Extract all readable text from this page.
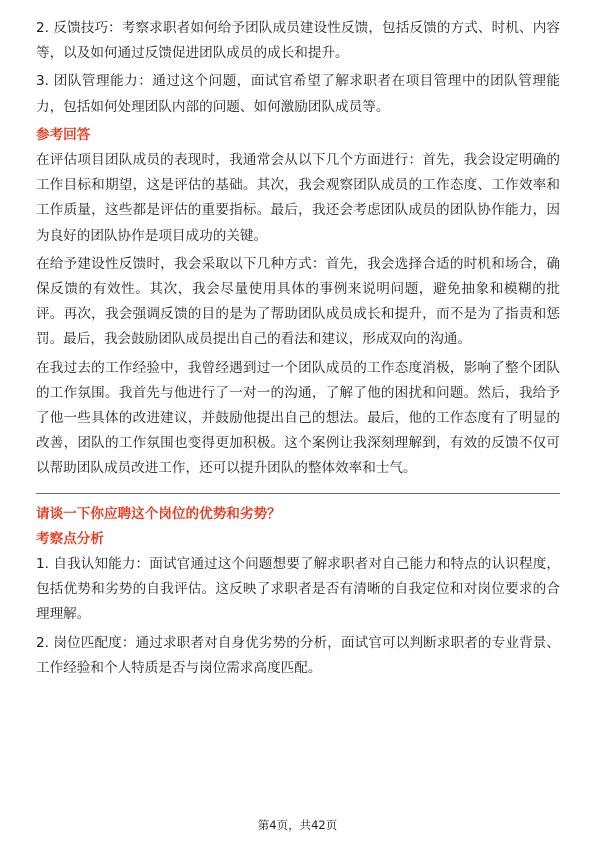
2. 反馈技巧：考察求职者如何给予团队成员建设性反馈，包括反馈的方式、时机、内容等，以及如何通过反馈促进团队成员的成长和提升。

3. 团队管理能力：通过这个问题，面试官希望了解求职者在项目管理中的团队管理能力，包括如何处理团队内部的问题、如何激励团队成员等。

参考回答

在评估项目团队成员的表现时，我通常会从以下几个方面进行：首先，我会设定明确的工作目标和期望，这是评估的基础。其次，我会观察团队成员的工作态度、工作效率和工作质量，这些都是评估的重要指标。最后，我还会考虑团队成员的团队协作能力，因为良好的团队协作是项目成功的关键。

在给予建设性反馈时，我会采取以下几种方式：首先，我会选择合适的时机和场合，确保反馈的有效性。其次，我会尽量使用具体的事例来说明问题，避免抽象和模糊的批评。再次，我会强调反馈的目的是为了帮助团队成员成长和提升，而不是为了指责和惩罚。最后，我会鼓励团队成员提出自己的看法和建议，形成双向的沟通。

在我过去的工作经验中，我曾经遇到过一个团队成员的工作态度消极，影响了整个团队的工作氛围。我首先与他进行了一对一的沟通，了解了他的困扰和问题。然后，我给予了他一些具体的改进建议，并鼓励他提出自己的想法。最后，他的工作态度有了明显的改善，团队的工作氛围也变得更加积极。这个案例让我深刻理解到，有效的反馈不仅可以帮助团队成员改进工作，还可以提升团队的整体效率和士气。

请谈一下你应聘这个岗位的优势和劣势？

考察点分析

1. 自我认知能力：面试官通过这个问题想要了解求职者对自己能力和特点的认识程度，包括优势和劣势的自我评估。这反映了求职者是否有清晰的自我定位和对岗位要求的合理理解。

2. 岗位匹配度：通过求职者对自身优劣势的分析，面试官可以判断求职者的专业背景、工作经验和个人特质是否与岗位需求高度匹配。

第4页，共42页
